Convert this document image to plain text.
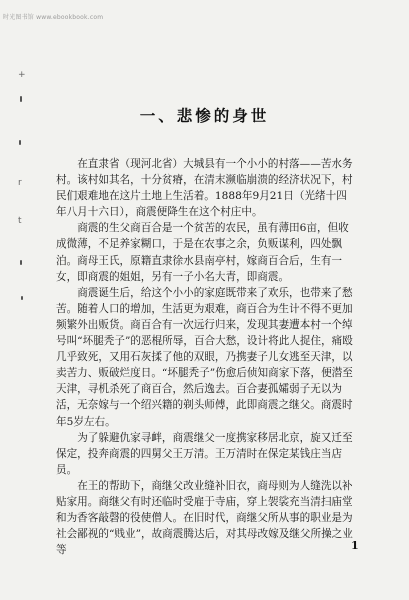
时光图书馆 www.ebookbook.com
+
r
t
一、悲惨的身世

在直隶省（现河北省）大城县有一个小小的村落——苦水务村。该村如其名，十分贫瘠，在清末濒临崩溃的经济状况下，村民们艰难地在这片土地上生活着。1888年9月21日（光绪十四年八月十六日），商震便降生在这个村庄中。

商震的生父商百合是一个贫苦的农民，虽有薄田6亩，但收成微薄，不足养家糊口，于是在农事之余，负贩谋利，四处飘泊。商母王氏，原籍直隶徐水县南亭村，嫁商百合后，生有一女，即商震的姐姐，另有一子小名大青，即商震。

商震诞生后，给这个小小的家庭既带来了欢乐，也带来了愁苦。随着人口的增加，生活更为艰难，商百合为生计不得不更加频繁外出贩货。商百合有一次远行归来，发现其妻遭本村一个绰号叫“坏腿秃子”的恶棍所辱，百合大愁，设计将此人捉住，痛殴几乎致死，又用石灰揉了他的双眼，乃携妻子儿女逃至天津，以卖苦力、贩破烂度日。“坏腿秃子”伤愈后侦知商家下落，便潜至天津，寻机杀死了商百合，然后逸去。百合妻孤孀弱子无以为活，无奈嫁与一个绍兴籍的剃头师傅，此即商震之继父。商震时年5岁左右。

为了躲避仇家寻衅，商震继父一度携家移居北京，旋又迁至保定，投奔商震的四舅父王万清。王万清时在保定某钱庄当店员。

在王的帮助下，商继父改业缝补旧衣，商母则为人缝洗以补贴家用。商继父有时还临时受雇于寺庙，穿上袈裟充当清扫庙堂和为香客敲磬的役使僧人。在旧时代，商继父所从事的职业是为社会鄙视的“贱业”，故商震腾达后，对其母改嫁及继父所操之业等	1
